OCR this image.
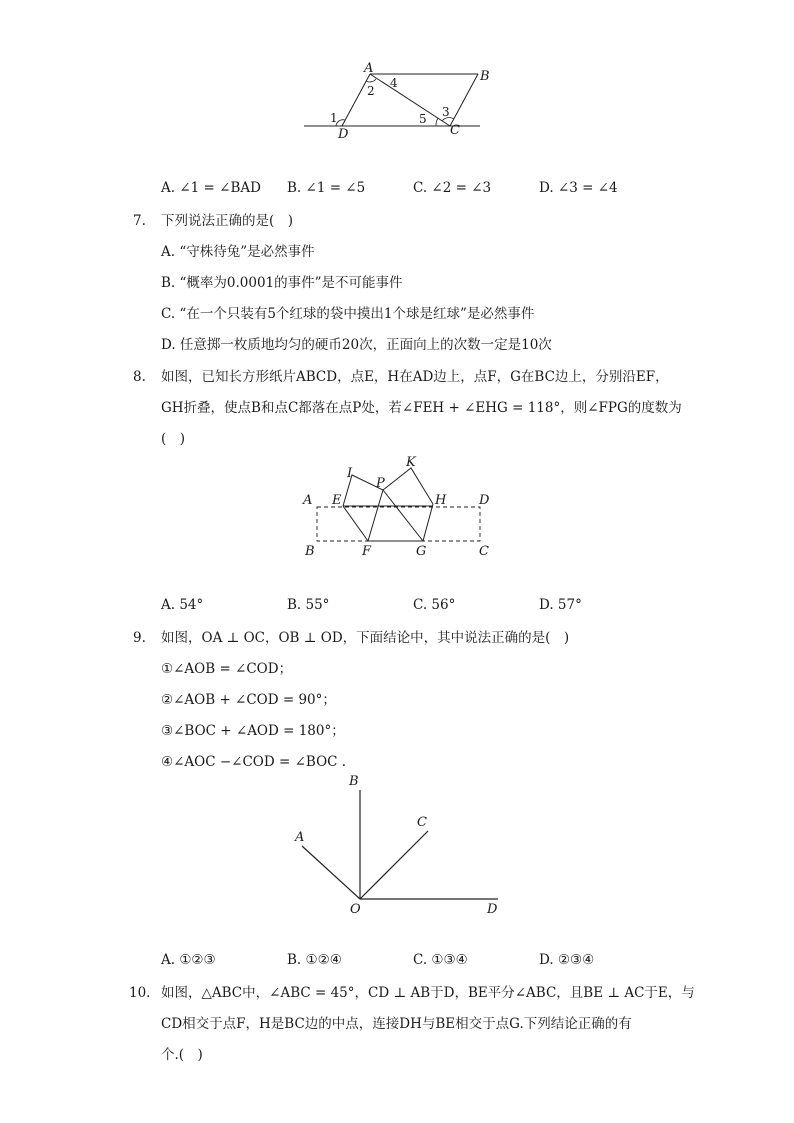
A
B
D	C
1
2
4
5 3
A. ∠1 = ∠BAD B. ∠1 = ∠5	C. ∠2 = ∠3	D. ∠3 = ∠4
7. 下列说法正确的是(　)
A. “守株待兔”是必然事件
B. “概率为0.0001的事件”是不可能事件
C. “在一个只装有5个红球的袋中摸出1个球是红球”是必然事件
D. 任意掷一枚质地均匀的硬币20次，正面向上的次数一定是10次
8. 如图，已知长方形纸片ABCD，点E，H在AD边上，点F，G在BC边上，分别沿EF，
GH折叠，使点B和点C都落在点P处，若∠FEH + ∠EHG = 118°，则∠FPG的度数为
(　)
I
K
P
A E	H	D
B	F	G	C
A. 54°	B. 55°	C. 56°	D. 57°
9. 如图，OA ⊥ OC，OB ⊥ OD，下面结论中，其中说法正确的是(　)
①∠AOB = ∠COD；
②∠AOB + ∠COD = 90°；
③∠BOC + ∠AOD = 180°；
④∠AOC −∠COD = ∠BOC .
B
A
C
O	D
A. ①②③	B. ①②④	C. ①③④	D. ②③④
10. 如图，△ABC中，∠ABC = 45°，CD ⊥ AB于D，BE平分∠ABC，且BE ⊥ AC于E，与
CD相交于点F，H是BC边的中点，连接DH与BE相交于点G.下列结论正确的有
个.(　)
